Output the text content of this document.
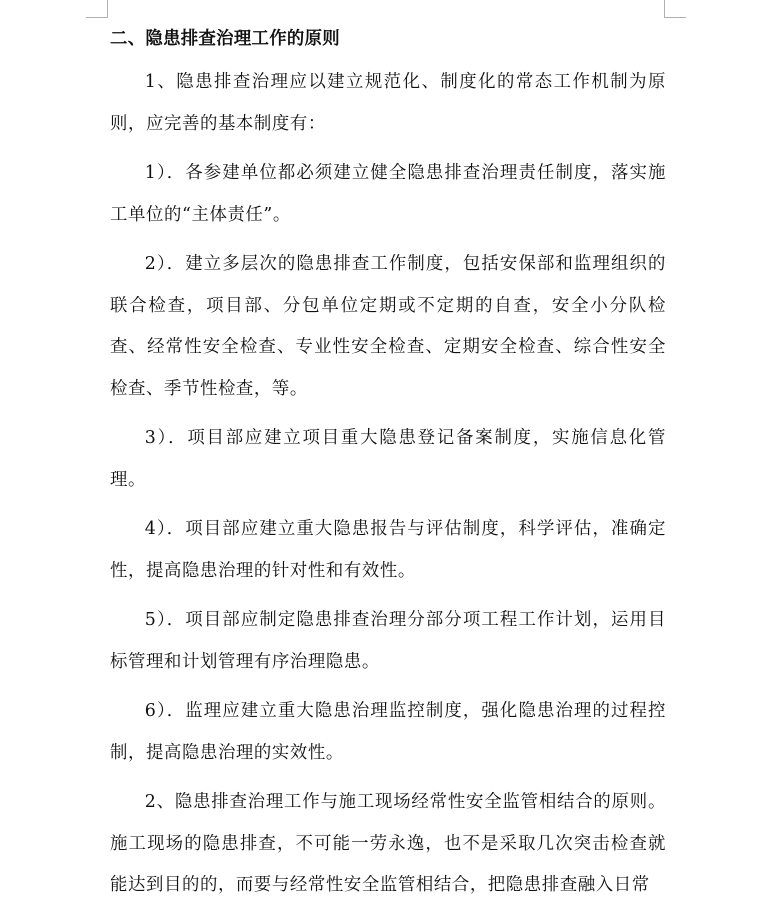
二、隐患排查治理工作的原则

1、隐患排查治理应以建立规范化、制度化的常态工作机制为原则，应完善的基本制度有：

1）．各参建单位都必须建立健全隐患排查治理责任制度，落实施工单位的“主体责任”。

2）．建立多层次的隐患排查工作制度，包括安保部和监理组织的联合检查，项目部、分包单位定期或不定期的自查，安全小分队检查、经常性安全检查、专业性安全检查、定期安全检查、综合性安全检查、季节性检查，等。

3）．项目部应建立项目重大隐患登记备案制度，实施信息化管理。

4）．项目部应建立重大隐患报告与评估制度，科学评估，准确定性，提高隐患治理的针对性和有效性。

5）．项目部应制定隐患排查治理分部分项工程工作计划，运用目标管理和计划管理有序治理隐患。

6）．监理应建立重大隐患治理监控制度，强化隐患治理的过程控制，提高隐患治理的实效性。

2、隐患排查治理工作与施工现场经常性安全监管相结合的原则。施工现场的隐患排查，不可能一劳永逸，也不是采取几次突击检查就能达到目的的，而要与经常性安全监管相结合，把隐患排查融入日常
